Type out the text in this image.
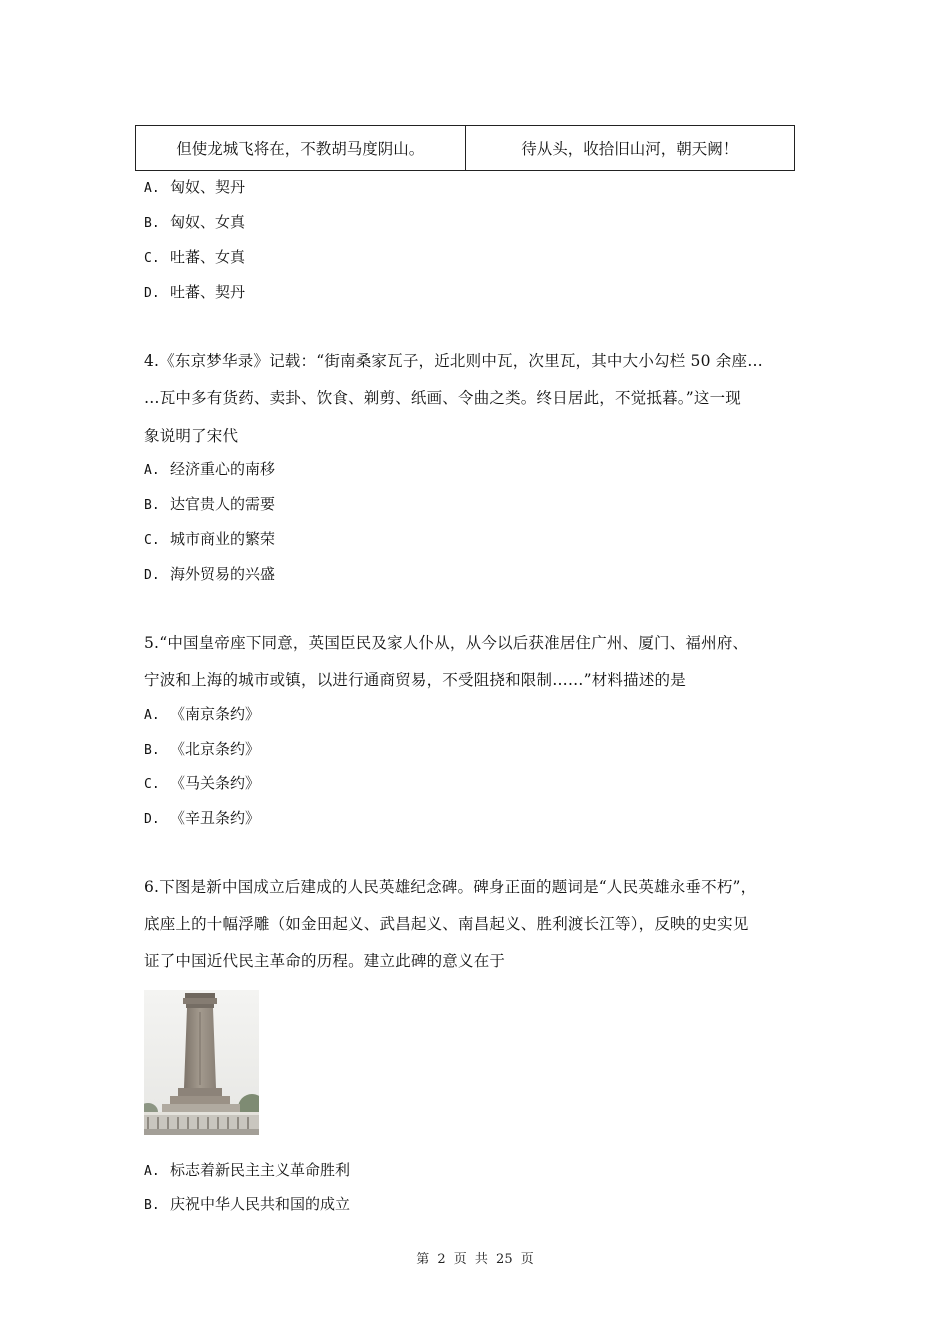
但使龙城飞将在，不教胡马度阴山。	待从头，收拾旧山河，朝天阙！
A. 匈奴、契丹
B. 匈奴、女真
C. 吐蕃、女真
D. 吐蕃、契丹
4.《东京梦华录》记载：“街南桑家瓦子，近北则中瓦，次里瓦，其中大小勾栏 50 余座…
…瓦中多有货药、卖卦、饮食、剃剪、纸画、令曲之类。终日居此，不觉抵暮。”这一现
象说明了宋代
A. 经济重心的南移
B. 达官贵人的需要
C. 城市商业的繁荣
D. 海外贸易的兴盛
5.“中国皇帝座下同意，英国臣民及家人仆从，从今以后获准居住广州、厦门、福州府、
宁波和上海的城市或镇，以进行通商贸易，不受阻挠和限制……”材料描述的是
A. 《南京条约》
B. 《北京条约》
C. 《马关条约》
D. 《辛丑条约》
6.下图是新中国成立后建成的人民英雄纪念碑。碑身正面的题词是“人民英雄永垂不朽”，
底座上的十幅浮雕（如金田起义、武昌起义、南昌起义、胜利渡长江等），反映的史实见
证了中国近代民主革命的历程。建立此碑的意义在于
A. 标志着新民主主义革命胜利
B. 庆祝中华人民共和国的成立
第 2 页 共 25 页
